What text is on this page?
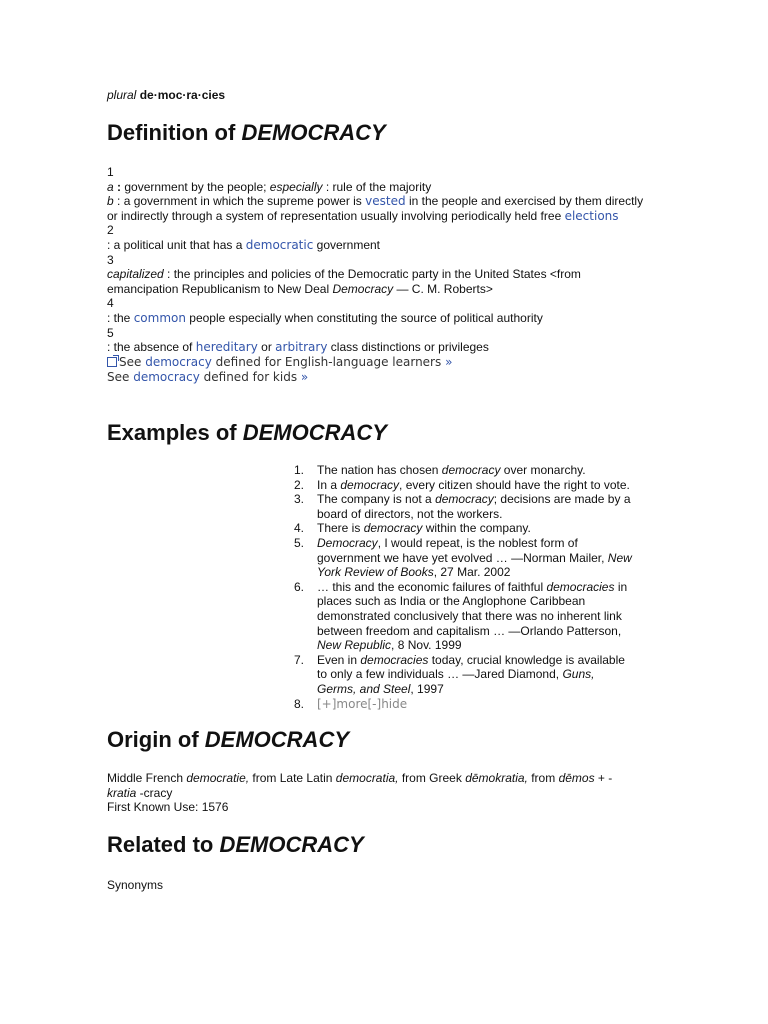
plural de·moc·ra·cies
Definition of DEMOCRACY
1
a : government by the people; especially : rule of the majority
b : a government in which the supreme power is vested in the people and exercised by them directly or indirectly through a system of representation usually involving periodically held free elections
2
: a political unit that has a democratic government
3
capitalized : the principles and policies of the Democratic party in the United States <from emancipation Republicanism to New Deal Democracy — C. M. Roberts>
4
: the common people especially when constituting the source of political authority
5
: the absence of hereditary or arbitrary class distinctions or privileges
See democracy defined for English-language learners »
See democracy defined for kids »
Examples of DEMOCRACY
1. The nation has chosen democracy over monarchy.
2. In a democracy, every citizen should have the right to vote.
3. The company is not a democracy; decisions are made by a board of directors, not the workers.
4. There is democracy within the company.
5. Democracy, I would repeat, is the noblest form of government we have yet evolved … —Norman Mailer, New York Review of Books, 27 Mar. 2002
6. … this and the economic failures of faithful democracies in places such as India or the Anglophone Caribbean demonstrated conclusively that there was no inherent link between freedom and capitalism … —Orlando Patterson, New Republic, 8 Nov. 1999
7. Even in democracies today, crucial knowledge is available to only a few individuals … —Jared Diamond, Guns, Germs, and Steel, 1997
8. [+]more[-]hide
Origin of DEMOCRACY
Middle French democratie, from Late Latin democratia, from Greek dēmokratia, from dēmos + -
kratia -cracy
First Known Use: 1576
Related to DEMOCRACY
Synonyms
